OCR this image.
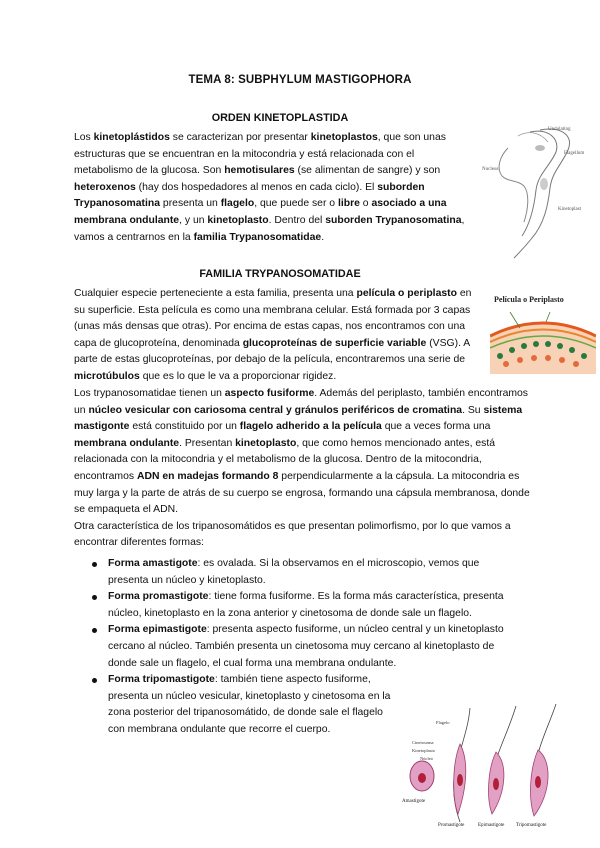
TEMA 8: SUBPHYLUM MASTIGOPHORA
ORDEN KINETOPLASTIDA
Los kinetoplástidos se caracterizan por presentar kinetoplastos, que son unas estructuras que se encuentran en la mitocondria y está relacionada con el metabolismo de la glucosa. Son hemotisulares (se alimentan de sangre) y son heteroxenos (hay dos hospedadores al menos en cada ciclo). El suborden Trypanosomatina presenta un flagelo, que puede ser o libre o asociado a una membrana ondulante, y un kinetoplasto. Dentro del suborden Trypanosomatina, vamos a centrarnos en la familia Trypanosomatidae.
FAMILIA TRYPANOSOMATIDAE
Cualquier especie perteneciente a esta familia, presenta una película o periplasto en su superficie. Esta película es como una membrana celular. Está formada por 3 capas (unas más densas que otras). Por encima de estas capas, nos encontramos con una capa de glucoproteína, denominada glucoproteínas de superficie variable (VSG). A parte de estas glucoproteínas, por debajo de la película, encontraremos una serie de microtúbulos que es lo que le va a proporcionar rigidez.
Los trypanosomatidae tienen un aspecto fusiforme. Además del periplasto, también encontramos un núcleo vesicular con cariosoma central y gránulos periféricos de cromatina. Su sistema mastigonte está constituido por un flagelo adherido a la película que a veces forma una membrana ondulante. Presentan kinetoplasto, que como hemos mencionado antes, está relacionada con la mitocondria y el metabolismo de la glucosa. Dentro de la mitocondria, encontramos ADN en madejas formando 8 perpendicularmente a la cápsula. La mitocondria es muy larga y la parte de atrás de su cuerpo se engrosa, formando una cápsula membranosa, donde se empaqueta el ADN.
Otra característica de los tripanosomátidos es que presentan polimorfismo, por lo que vamos a encontrar diferentes formas:
Forma amastigote: es ovalada. Si la observamos en el microscopio, vemos que presenta un núcleo y kinetoplasto.
Forma promastigote: tiene forma fusiforme. Es la forma más característica, presenta núcleo, kinetoplasto en la zona anterior y cinetosoma de donde sale un flagelo.
Forma epimastigote: presenta aspecto fusiforme, un núcleo central y un kinetoplasto cercano al núcleo. También presenta un cinetosoma muy cercano al kinetoplasto de donde sale un flagelo, el cual forma una membrana ondulante.
Forma tripomastigote: también tiene aspecto fusiforme, presenta un núcleo vesicular, kinetoplasto y cinetosoma en la zona posterior del tripanosomátido, de donde sale el flagelo con membrana ondulante que recorre el cuerpo.
Undulating
Flagellum
Nucleus
Kinetoplast
Película o Periplasto
Flagelo
Cinetosoma
Kinetoplasto
Núcleo
Amastigote
Promastigote	Epimastigote Tripomastigote
